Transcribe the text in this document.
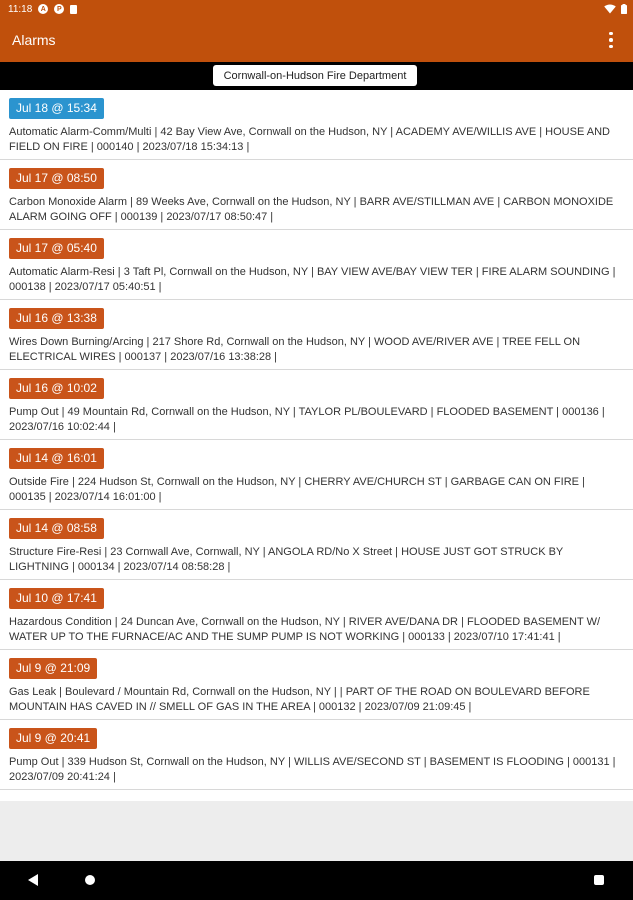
11:18	A	P
Alarms
Cornwall-on-Hudson Fire Department
Jul 18 @ 15:34
Automatic Alarm-Comm/Multi | 42 Bay View Ave, Cornwall on the Hudson, NY | ACADEMY AVE/WILLIS AVE | HOUSE AND FIELD ON FIRE | 000140 | 2023/07/18 15:34:13 |
Jul 17 @ 08:50
Carbon Monoxide Alarm | 89 Weeks Ave, Cornwall on the Hudson, NY | BARR AVE/STILLMAN AVE | CARBON MONOXIDE ALARM GOING OFF | 000139 | 2023/07/17 08:50:47 |
Jul 17 @ 05:40
Automatic Alarm-Resi | 3 Taft Pl, Cornwall on the Hudson, NY | BAY VIEW AVE/BAY VIEW TER | FIRE ALARM SOUNDING | 000138 | 2023/07/17 05:40:51 |
Jul 16 @ 13:38
Wires Down Burning/Arcing | 217 Shore Rd, Cornwall on the Hudson, NY | WOOD AVE/RIVER AVE | TREE FELL ON ELECTRICAL WIRES | 000137 | 2023/07/16 13:38:28 |
Jul 16 @ 10:02
Pump Out | 49 Mountain Rd, Cornwall on the Hudson, NY | TAYLOR PL/BOULEVARD | FLOODED BASEMENT | 000136 | 2023/07/16 10:02:44 |
Jul 14 @ 16:01
Outside Fire | 224 Hudson St, Cornwall on the Hudson, NY | CHERRY AVE/CHURCH ST | GARBAGE CAN ON FIRE | 000135 | 2023/07/14 16:01:00 |
Jul 14 @ 08:58
Structure Fire-Resi | 23 Cornwall Ave, Cornwall, NY | ANGOLA RD/No X Street | HOUSE JUST GOT STRUCK BY LIGHTNING | 000134 | 2023/07/14 08:58:28 |
Jul 10 @ 17:41
Hazardous Condition | 24 Duncan Ave, Cornwall on the Hudson, NY | RIVER AVE/DANA DR | FLOODED BASEMENT W/ WATER UP TO THE FURNACE/AC AND THE SUMP PUMP IS NOT WORKING | 000133 | 2023/07/10 17:41:41 |
Jul 9 @ 21:09
Gas Leak | Boulevard / Mountain Rd, Cornwall on the Hudson, NY | | PART OF THE ROAD ON BOULEVARD BEFORE MOUNTAIN HAS CAVED IN // SMELL OF GAS IN THE AREA | 000132 | 2023/07/09 21:09:45 |
Jul 9 @ 20:41
Pump Out | 339 Hudson St, Cornwall on the Hudson, NY | WILLIS AVE/SECOND ST | BASEMENT IS FLOODING | 000131 | 2023/07/09 20:41:24 |
